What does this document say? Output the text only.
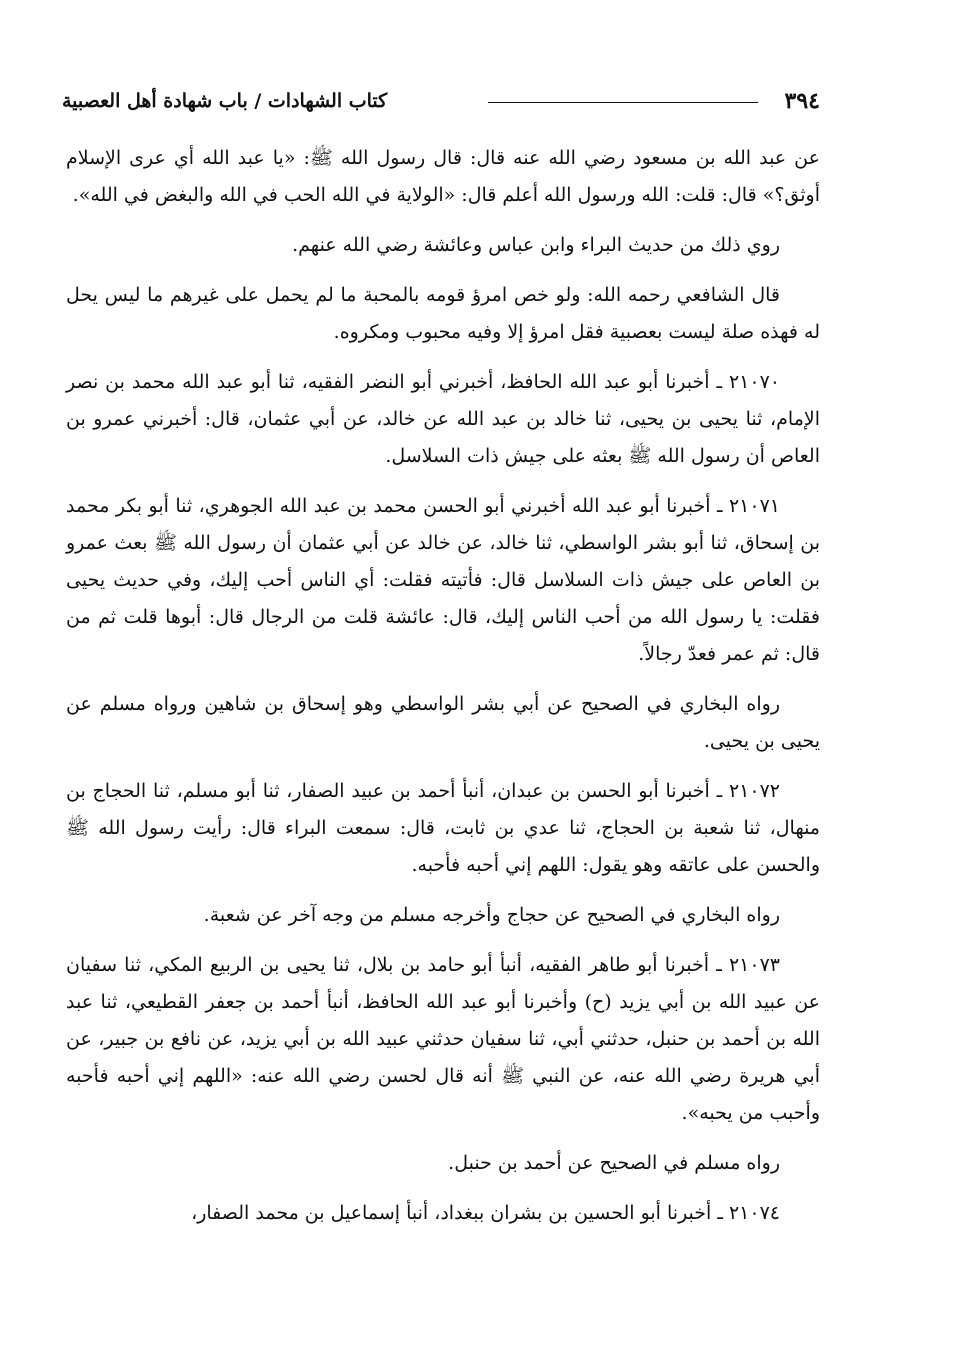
٣٩٤
كتاب الشهادات / باب شهادة أهل العصبية

عن عبد الله بن مسعود رضي الله عنه قال: قال رسول الله ﷺ: «يا عبد الله أي عرى الإسلام أوثق؟» قال: قلت: الله ورسول الله أعلم قال: «الولاية في الله الحب في الله والبغض في الله».

روي ذلك من حديث البراء وابن عباس وعائشة رضي الله عنهم.

قال الشافعي رحمه الله: ولو خص امرؤ قومه بالمحبة ما لم يحمل على غيرهم ما ليس يحل له فهذه صلة ليست بعصبية فقل امرؤ إلا وفيه محبوب ومكروه.

٢١٠٧٠ ـ أخبرنا أبو عبد الله الحافظ، أخبرني أبو النضر الفقيه، ثنا أبو عبد الله محمد بن نصر الإمام، ثنا يحيى بن يحيى، ثنا خالد بن عبد الله عن خالد، عن أبي عثمان، قال: أخبرني عمرو بن العاص أن رسول الله ﷺ بعثه على جيش ذات السلاسل.

٢١٠٧١ ـ أخبرنا أبو عبد الله أخبرني أبو الحسن محمد بن عبد الله الجوهري، ثنا أبو بكر محمد بن إسحاق، ثنا أبو بشر الواسطي، ثنا خالد، عن خالد عن أبي عثمان أن رسول الله ﷺ بعث عمرو بن العاص على جيش ذات السلاسل قال: فأتيته فقلت: أي الناس أحب إليك، وفي حديث يحيى فقلت: يا رسول الله من أحب الناس إليك، قال: عائشة قلت من الرجال قال: أبوها قلت ثم من قال: ثم عمر فعدّ رجالاً.

رواه البخاري في الصحيح عن أبي بشر الواسطي وهو إسحاق بن شاهين ورواه مسلم عن يحيى بن يحيى.

٢١٠٧٢ ـ أخبرنا أبو الحسن بن عبدان، أنبأ أحمد بن عبيد الصفار، ثنا أبو مسلم، ثنا الحجاج بن منهال، ثنا شعبة بن الحجاج، ثنا عدي بن ثابت، قال: سمعت البراء قال: رأيت رسول الله ﷺ والحسن على عاتقه وهو يقول: اللهم إني أحبه فأحبه.

رواه البخاري في الصحيح عن حجاج وأخرجه مسلم من وجه آخر عن شعبة.

٢١٠٧٣ ـ أخبرنا أبو طاهر الفقيه، أنبأ أبو حامد بن بلال، ثنا يحيى بن الربيع المكي، ثنا سفيان عن عبيد الله بن أبي يزيد (ح) وأخبرنا أبو عبد الله الحافظ، أنبأ أحمد بن جعفر القطيعي، ثنا عبد الله بن أحمد بن حنبل، حدثني أبي، ثنا سفيان حدثني عبيد الله بن أبي يزيد، عن نافع بن جبير، عن أبي هريرة رضي الله عنه، عن النبي ﷺ أنه قال لحسن رضي الله عنه: «اللهم إني أحبه فأحبه وأحبب من يحبه».

رواه مسلم في الصحيح عن أحمد بن حنبل.

٢١٠٧٤ ـ أخبرنا أبو الحسين بن بشران ببغداد، أنبأ إسماعيل بن محمد الصفار،
